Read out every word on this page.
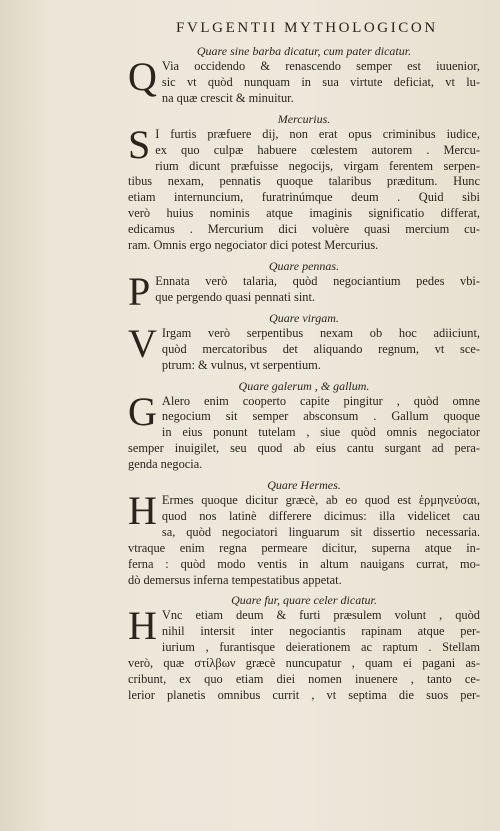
FVLGENTII MYTHOLOGICON
Quare sine barba dicatur, cum pater dicatur.
Q Via occidendo & renascendo semper est iuuenior,
sic vt quòd nunquam in sua virtute deficiat, vt lu-
na quæ crescit & minuitur.
Mercurius.
S I furtis præfuere dij, non erat opus criminibus iudice,
ex quo culpæ habuere cœlestem autorem . Mercu-
rium dicunt præfuisse negocijs, virgam ferentem serpen-
tibus nexam, pennatis quoque talaribus præditum. Hunc
etiam internuncium, furatrinúmque deum . Quid sibi
verò huius nominis atque imaginis significatio differat,
edicamus . Mercurium dici voluère quasi mercium cu-
ram. Omnis ergo negociator dici potest Mercurius.
Quare pennas.
P Ennata verò talaria, quòd negociantium pedes vbi-
que pergendo quasi pennati sint.
Quare virgam.
V Irgam verò serpentibus nexam ob hoc adiiciunt,
quòd mercatoribus det aliquando regnum, vt sce-
ptrum: & vulnus, vt serpentium.
Quare galerum , & gallum.
G Alero enim cooperto capite pingitur , quòd omne
negocium sit semper absconsum . Gallum quoque
in eius ponunt tutelam , siue quòd omnis negociator
semper inuigilet, seu quod ab eius cantu surgant ad pera-
genda negocia.
Quare Hermes.
H Ermes quoque dicitur græcè, ab eo quod est ἑρμηνεύσαι,
quod nos latinè differere dicimus: illa videlicet cau
sa, quòd negociatori linguarum sit dissertio necessaria.
vtraque enim regna permeare dicitur, superna atque in-
ferna : quòd modo ventis in altum nauigans currat, mo-
dò demersus inferna tempestatibus appetat.
Quare fur, quare celer dicatur.
H Vnc etiam deum & furti præsulem volunt , quòd
nihil intersit inter negociantis rapinam atque per-
iurium , furantisque deierationem ac raptum . Stellam
verò, quæ στίλβων græcè nuncupatur , quam ei pagani as-
cribunt, ex quo etiam diei nomen inuenere , tanto ce-
lerior planetis omnibus currit , vt septima die suos per-
